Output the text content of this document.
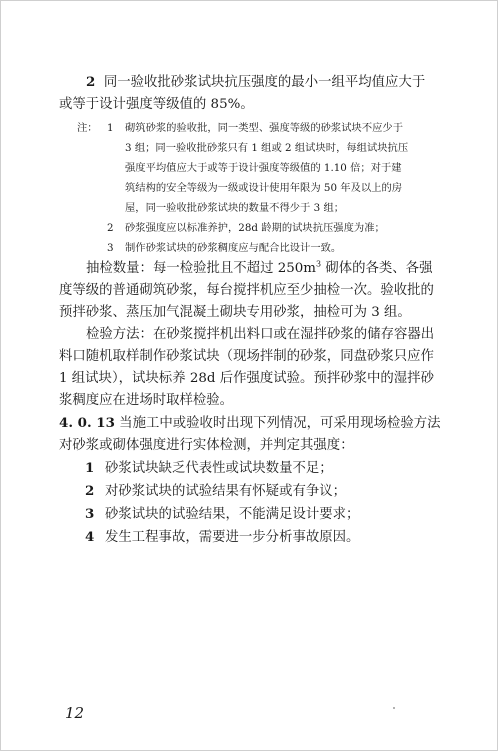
2 同一验收批砂浆试块抗压强度的最小一组平均值应大于

或等于设计强度等级值的 85%。

注： 1	砌筑砂浆的验收批，同一类型、强度等级的砂浆试块不应少于
3 组；同一验收批砂浆只有 1 组或 2 组试块时，每组试块抗压
强度平均值应大于或等于设计强度等级值的 1.10 倍；对于建
筑结构的安全等级为一级或设计使用年限为 50 年及以上的房
屋，同一验收批砂浆试块的数量不得少于 3 组；
2	砂浆强度应以标准养护，28d 龄期的试块抗压强度为准；
3	制作砂浆试块的砂浆稠度应与配合比设计一致。

抽检数量：每一检验批且不超过 $250m^3$ 砌体的各类、各强

度等级的普通砌筑砂浆，每台搅拌机应至少抽检一次。验收批的

预拌砂浆、蒸压加气混凝土砌块专用砂浆，抽检可为 3 组。

检验方法：在砂浆搅拌机出料口或在湿拌砂浆的储存容器出

料口随机取样制作砂浆试块（现场拌制的砂浆，同盘砂浆只应作

1 组试块），试块标养 28d 后作强度试验。预拌砂浆中的湿拌砂

浆稠度应在进场时取样检验。

4. 0. 13 当施工中或验收时出现下列情况，可采用现场检验方法

对砂浆或砌体强度进行实体检测，并判定其强度：

1 砂浆试块缺乏代表性或试块数量不足；

2 对砂浆试块的试验结果有怀疑或有争议；

3 砂浆试块的试验结果，不能满足设计要求；

4 发生工程事故，需要进一步分析事故原因。

12
